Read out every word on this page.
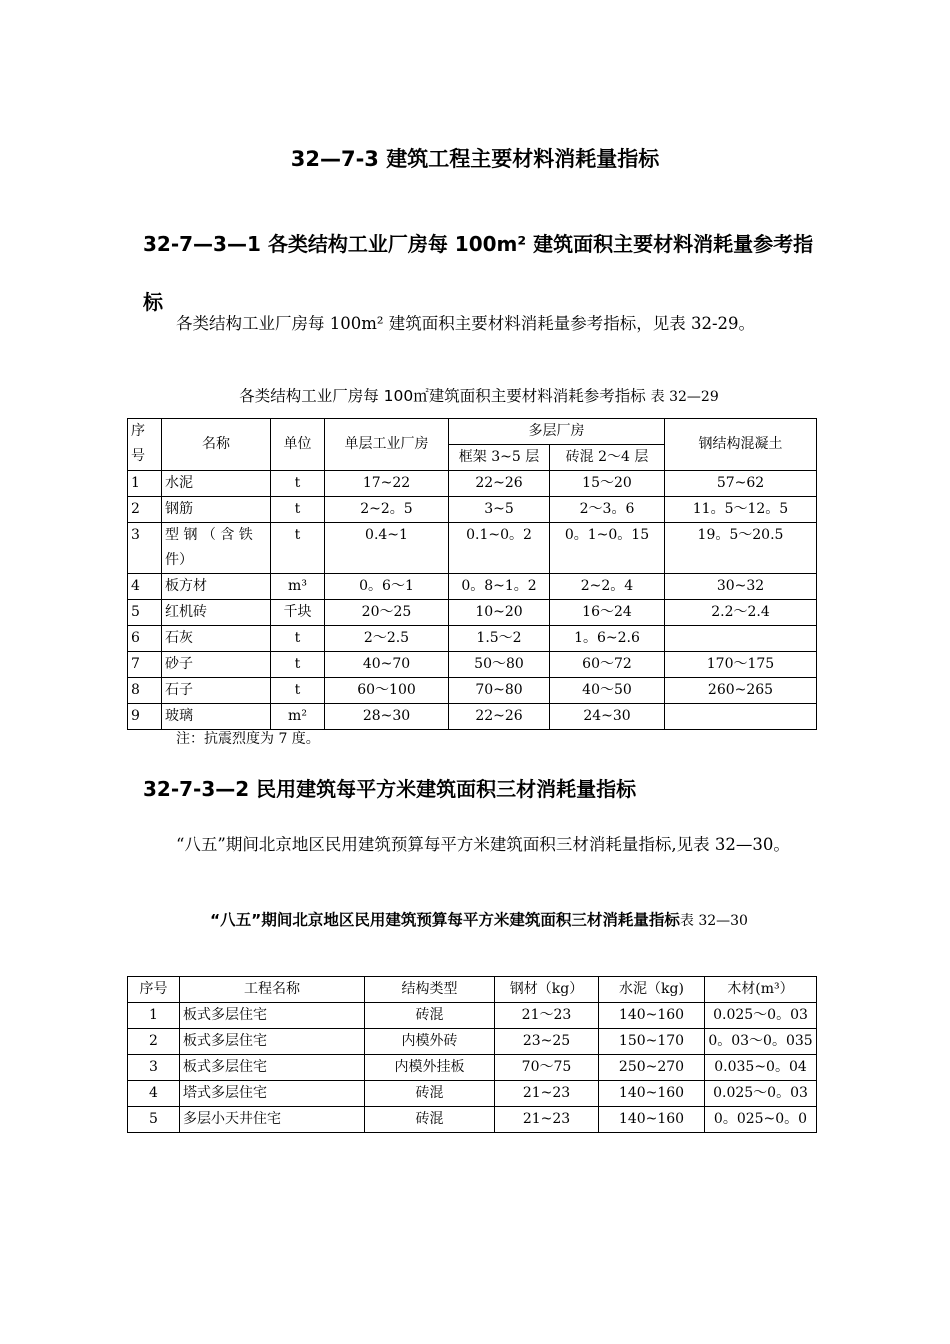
32—7-3 建筑工程主要材料消耗量指标
32-7—3—1 各类结构工业厂房每 100m² 建筑面积主要材料消耗量参考指标
各类结构工业厂房每 100m² 建筑面积主要材料消耗量参考指标，见表 32-29。
各类结构工业厂房每 100㎡建筑面积主要材料消耗参考指标 表 32—29
序号	名称	单位	单层工业厂房	多层厂房		钢结构混凝土
				框架 3~5 层	砖混 2～4 层	
1	水泥	t	17~22	22~26	15～20	57~62
2	钢筋	t	2~2。5	3~5	2～3。6	11。5～12。5
3	型 钢 （ 含 铁 件）	t	0.4~1	0.1~0。2	0。1~0。15	19。5～20.5
4	板方材	m³	0。6～1	0。8~1。2	2~2。4	30~32
5	红机砖	千块	20～25	10~20	16～24	2.2～2.4
6	石灰	t	2～2.5	1.5～2	1。6~2.6	
7	砂子	t	40~70	50～80	60～72	170～175
8	石子	t	60～100	70~80	40～50	260~265
9	玻璃	m²	28~30	22~26	24~30	
注：抗震烈度为 7 度。
32-7-3—2 民用建筑每平方米建筑面积三材消耗量指标
“八五”期间北京地区民用建筑预算每平方米建筑面积三材消耗量指标,见表 32—30。
“八五”期间北京地区民用建筑预算每平方米建筑面积三材消耗量指标表 32—30
序号	工程名称	结构类型	钢材（kg）	水泥（kg)	木材(m³）
1	板式多层住宅	砖混	21～23	140~160	0.025～0。03
2	板式多层住宅	内模外砖	23~25	150~170	0。03～0。035
3	板式多层住宅	内模外挂板	70～75	250~270	0.035~0。04
4	塔式多层住宅	砖混	21~23	140~160	0.025～0。03
5	多层小天井住宅	砖混	21~23	140~160	0。025~0。0
